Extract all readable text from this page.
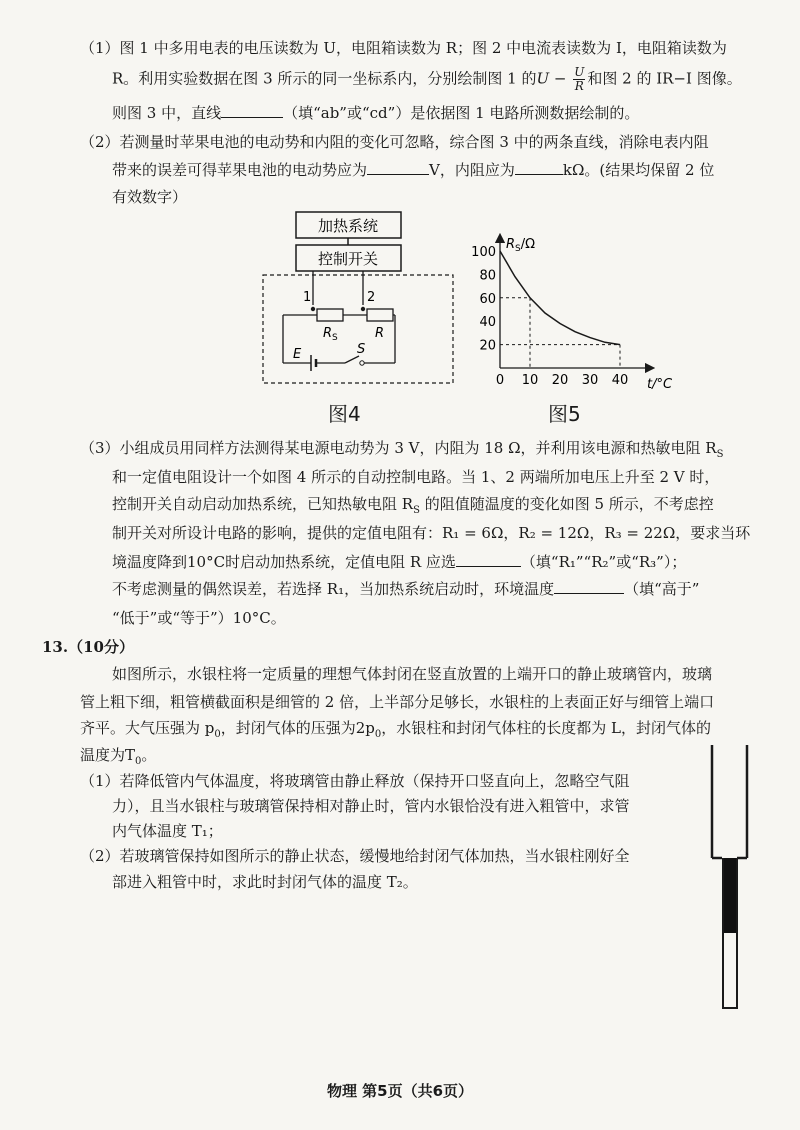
（1）图 1 中多用电表的电压读数为 U，电阻箱读数为 R；图 2 中电流表读数为 I，电阻箱读数为
R。利用实验数据在图 3 所示的同一坐标系内，分别绘制图 1 的$U - \frac{U}{R}$ 和图 2 的 IR−I 图像。
则图 3 中，直线	（填“ab”或“cd”）是依据图 1 电路所测数据绘制的。
（2）若测量时苹果电池的电动势和内阻的变化可忽略，综合图 3 中的两条直线，消除电表内阻
带来的误差可得苹果电池的电动势应为	V，内阻应为	kΩ。(结果均保留 2 位
有效数字）
加热系统
控制开关
1	2
$R_S$	R
E	S
图4
$R_S/\Omega$
t/°C
0 10 20 30 40
20
40
60
80
100
图5
（3）小组成员用同样方法测得某电源电动势为 3 V，内阻为 18 Ω，并利用该电源和热敏电阻 $R_S$
和一定值电阻设计一个如图 4 所示的自动控制电路。当 1、2 两端所加电压上升至 2 V 时，
控制开关自动启动加热系统，已知热敏电阻 $R_S$ 的阻值随温度的变化如图 5 所示，不考虑控
制开关对所设计电路的影响，提供的定值电阻有：R₁ = 6Ω，R₂ = 12Ω，R₃ = 22Ω，要求当环
境温度降到10°C时启动加热系统，定值电阻 R 应选	（填“R₁”“R₂”或“R₃”）；
不考虑测量的偶然误差，若选择 R₁，当加热系统启动时，环境温度	（填“高于”
“低于”或“等于”）10°C。
13.（10分）
如图所示，水银柱将一定质量的理想气体封闭在竖直放置的上端开口的静止玻璃管内，玻璃
管上粗下细，粗管横截面积是细管的 2 倍，上半部分足够长，水银柱的上表面正好与细管上端口
齐平。大气压强为 $p_0$，封闭气体的压强为$2p_0$，水银柱和封闭气体柱的长度都为 L，封闭气体的
温度为$T_0$。
（1）若降低管内气体温度，将玻璃管由静止释放（保持开口竖直向上，忽略空气阻
力），且当水银柱与玻璃管保持相对静止时，管内水银恰没有进入粗管中，求管
内气体温度 T₁；
（2）若玻璃管保持如图所示的静止状态，缓慢地给封闭气体加热，当水银柱刚好全
部进入粗管中时，求此时封闭气体的温度 T₂。
物理 第5页（共6页）
